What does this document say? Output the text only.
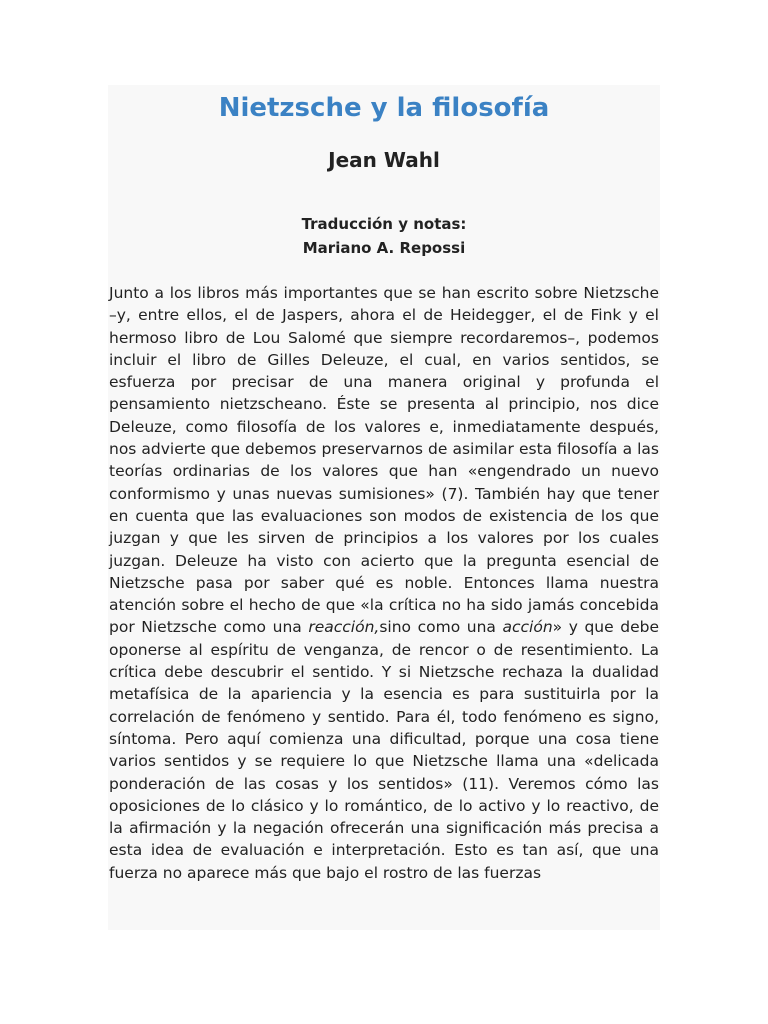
Nietzsche y la filosofía
Jean Wahl
Traducción y notas:
Mariano A. Repossi

Junto a los libros más importantes que se han escrito sobre Nietzsche –y, entre ellos, el de Jaspers, ahora el de Heidegger, el de Fink y el hermoso libro de Lou Salomé que siempre recordaremos–, podemos incluir el libro de Gilles Deleuze, el cual, en varios sentidos, se esfuerza por precisar de una manera original y profunda el pensamiento nietzscheano. Éste se presenta al principio, nos dice Deleuze, como filosofía de los valores e, inmediatamente después, nos advierte que debemos preservarnos de asimilar esta filosofía a las teorías ordinarias de los valores que han «engendrado un nuevo conformismo y unas nuevas sumisiones» (7). También hay que tener en cuenta que las evaluaciones son modos de existencia de los que juzgan y que les sirven de principios a los valores por los cuales juzgan. Deleuze ha visto con acierto que la pregunta esencial de Nietzsche pasa por saber qué es noble. Entonces llama nuestra atención sobre el hecho de que «la crítica no ha sido jamás concebida por Nietzsche como una reacción,sino como una acción» y que debe oponerse al espíritu de venganza, de rencor o de resentimiento. La crítica debe descubrir el sentido. Y si Nietzsche rechaza la dualidad metafísica de la apariencia y la esencia es para sustituirla por la correlación de fenómeno y sentido. Para él, todo fenómeno es signo, síntoma. Pero aquí comienza una dificultad, porque una cosa tiene varios sentidos y se requiere lo que Nietzsche llama una «delicada ponderación de las cosas y los sentidos» (11). Veremos cómo las oposiciones de lo clásico y lo romántico, de lo activo y lo reactivo, de la afirmación y la negación ofrecerán una significación más precisa a esta idea de evaluación e interpretación. Esto es tan así, que una fuerza no aparece más que bajo el rostro de las fuerzas
